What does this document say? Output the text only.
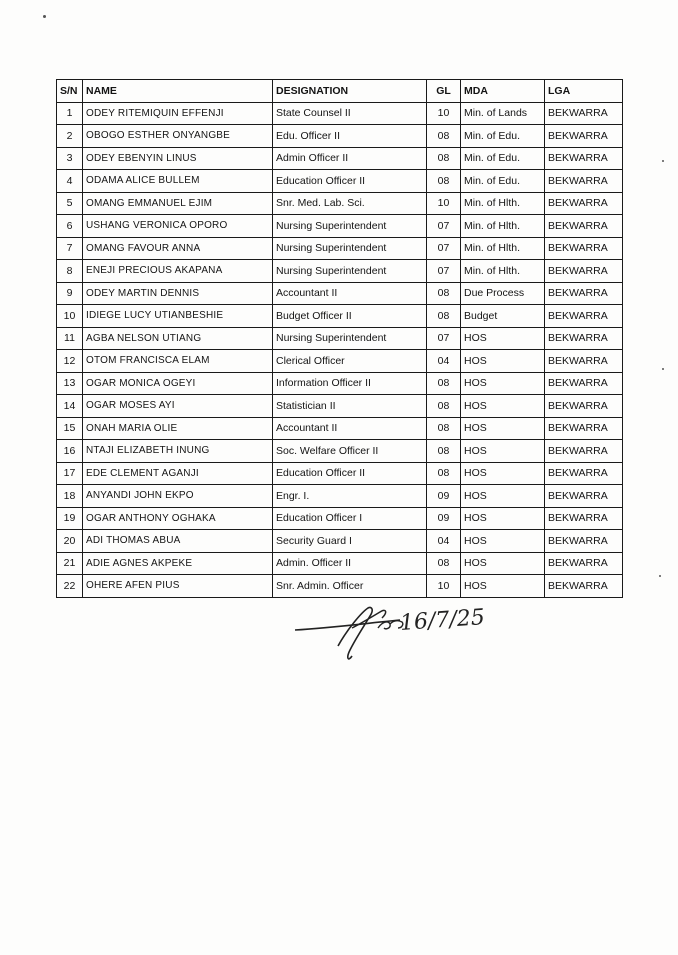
S/N	NAME	DESIGNATION	GL	MDA	LGA
1	ODEY RITEMIQUIN EFFENJI	State Counsel II	10	Min. of Lands	BEKWARRA
2	OBOGO ESTHER ONYANGBE	Edu. Officer II	08	Min. of Edu.	BEKWARRA
3	ODEY EBENYIN LINUS	Admin Officer II	08	Min. of Edu.	BEKWARRA
4	ODAMA ALICE BULLEM	Education Officer II	08	Min. of Edu.	BEKWARRA
5	OMANG EMMANUEL EJIM	Snr. Med. Lab. Sci.	10	Min. of Hlth.	BEKWARRA
6	USHANG VERONICA OPORO	Nursing Superintendent	07	Min. of Hlth.	BEKWARRA
7	OMANG FAVOUR ANNA	Nursing Superintendent	07	Min. of Hlth.	BEKWARRA
8	ENEJI PRECIOUS AKAPANA	Nursing Superintendent	07	Min. of Hlth.	BEKWARRA
9	ODEY MARTIN DENNIS	Accountant II	08	Due Process	BEKWARRA
10	IDIEGE LUCY UTIANBESHIE	Budget Officer II	08	Budget	BEKWARRA
11	AGBA NELSON UTIANG	Nursing Superintendent	07	HOS	BEKWARRA
12	OTOM FRANCISCA ELAM	Clerical Officer	04	HOS	BEKWARRA
13	OGAR MONICA OGEYI	Information Officer II	08	HOS	BEKWARRA
14	OGAR MOSES AYI	Statistician II	08	HOS	BEKWARRA
15	ONAH MARIA OLIE	Accountant II	08	HOS	BEKWARRA
16	NTAJI ELIZABETH INUNG	Soc. Welfare Officer II	08	HOS	BEKWARRA
17	EDE CLEMENT AGANJI	Education Officer II	08	HOS	BEKWARRA
18	ANYANDI JOHN EKPO	Engr. I.	09	HOS	BEKWARRA
19	OGAR ANTHONY OGHAKA	Education Officer I	09	HOS	BEKWARRA
20	ADI THOMAS ABUA	Security Guard I	04	HOS	BEKWARRA
21	ADIE AGNES AKPEKE	Admin. Officer II	08	HOS	BEKWARRA
22	OHERE AFEN PIUS	Snr. Admin. Officer	10	HOS	BEKWARRA
16/7/25
